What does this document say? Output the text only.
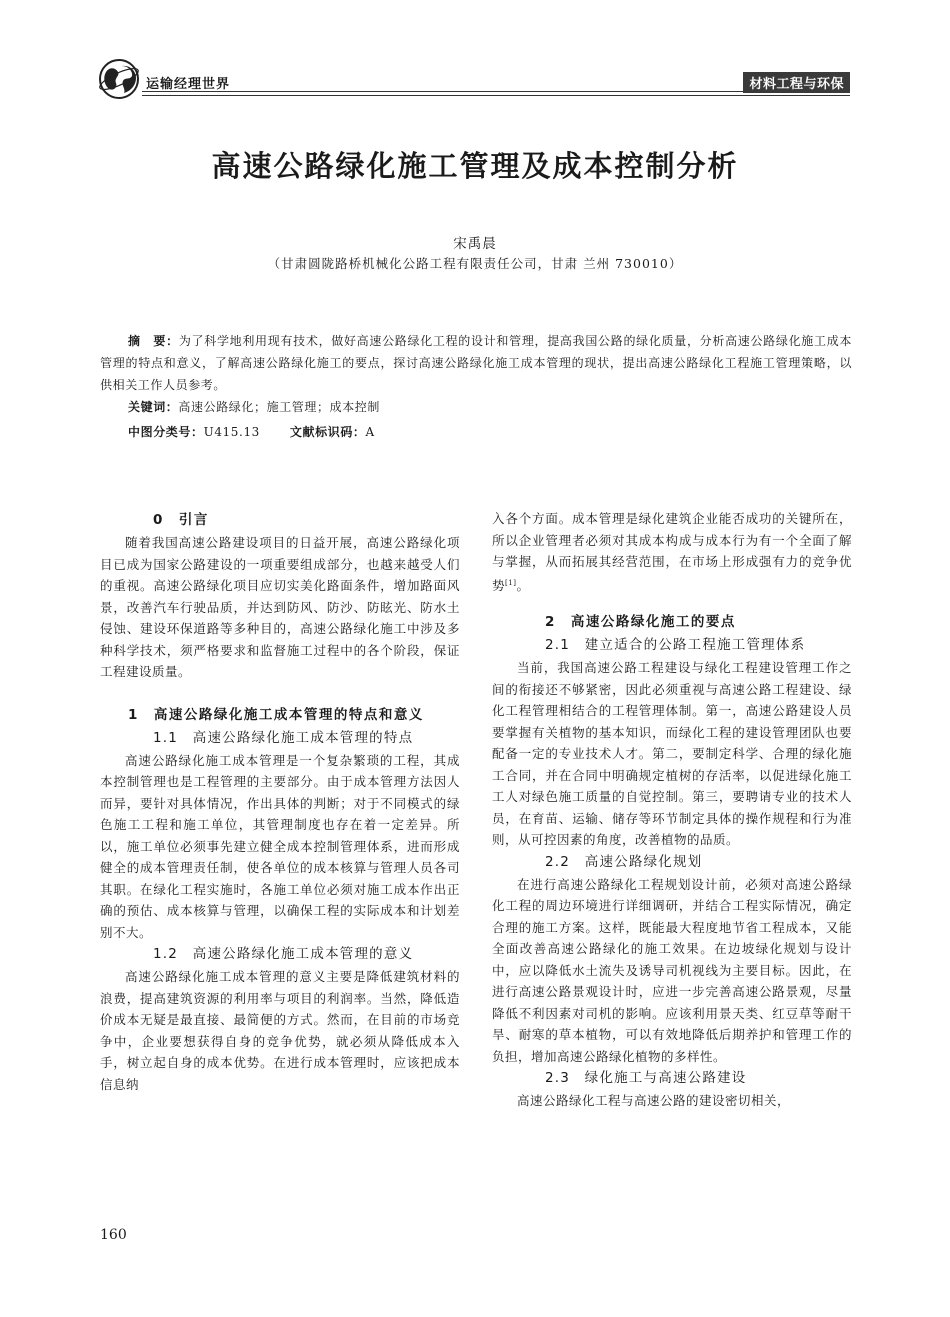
运输经理世界	材料工程与环保
高速公路绿化施工管理及成本控制分析
宋禹晨
（甘肃圆陇路桥机械化公路工程有限责任公司，甘肃 兰州 730010）
摘　要：为了科学地利用现有技术，做好高速公路绿化工程的设计和管理，提高我国公路的绿化质量，分析高速公路绿化施工成本管理的特点和意义，了解高速公路绿化施工的要点，探讨高速公路绿化施工成本管理的现状，提出高速公路绿化工程施工管理策略，以供相关工作人员参考。
关键词：高速公路绿化；施工管理；成本控制
中图分类号：U415.13	文献标识码：A

0　引言

随着我国高速公路建设项目的日益开展，高速公路绿化项目已成为国家公路建设的一项重要组成部分，也越来越受人们的重视。高速公路绿化项目应切实美化路面条件，增加路面风景，改善汽车行驶品质，并达到防风、防沙、防眩光、防水土侵蚀、建设环保道路等多种目的，高速公路绿化施工中涉及多种科学技术，须严格要求和监督施工过程中的各个阶段，保证工程建设质量。

1　高速公路绿化施工成本管理的特点和意义

1.1　高速公路绿化施工成本管理的特点

高速公路绿化施工成本管理是一个复杂繁琐的工程，其成本控制管理也是工程管理的主要部分。由于成本管理方法因人而异，要针对具体情况，作出具体的判断；对于不同模式的绿色施工工程和施工单位，其管理制度也存在着一定差异。所以，施工单位必须事先建立健全成本控制管理体系，进而形成健全的成本管理责任制，使各单位的成本核算与管理人员各司其职。在绿化工程实施时，各施工单位必须对施工成本作出正确的预估、成本核算与管理，以确保工程的实际成本和计划差别不大。

1.2　高速公路绿化施工成本管理的意义

高速公路绿化施工成本管理的意义主要是降低建筑材料的浪费，提高建筑资源的利用率与项目的利润率。当然，降低造价成本无疑是最直接、最简便的方式。然而，在目前的市场竞争中，企业要想获得自身的竞争优势，就必须从降低成本入手，树立起自身的成本优势。在进行成本管理时，应该把成本信息纳

入各个方面。成本管理是绿化建筑企业能否成功的关键所在，所以企业管理者必须对其成本构成与成本行为有一个全面了解与掌握，从而拓展其经营范围，在市场上形成强有力的竞争优势[1]。

2　高速公路绿化施工的要点

2.1　建立适合的公路工程施工管理体系

当前，我国高速公路工程建设与绿化工程建设管理工作之间的衔接还不够紧密，因此必须重视与高速公路工程建设、绿化工程管理相结合的工程管理体制。第一，高速公路建设人员要掌握有关植物的基本知识，而绿化工程的建设管理团队也要配备一定的专业技术人才。第二，要制定科学、合理的绿化施工合同，并在合同中明确规定植树的存活率，以促进绿化施工工人对绿色施工质量的自觉控制。第三，要聘请专业的技术人员，在育苗、运输、储存等环节制定具体的操作规程和行为准则，从可控因素的角度，改善植物的品质。

2.2　高速公路绿化规划

在进行高速公路绿化工程规划设计前，必须对高速公路绿化工程的周边环境进行详细调研，并结合工程实际情况，确定合理的施工方案。这样，既能最大程度地节省工程成本，又能全面改善高速公路绿化的施工效果。在边坡绿化规划与设计中，应以降低水土流失及诱导司机视线为主要目标。因此，在进行高速公路景观设计时，应进一步完善高速公路景观，尽量降低不利因素对司机的影响。应该利用景天类、红豆草等耐干旱、耐寒的草本植物，可以有效地降低后期养护和管理工作的负担，增加高速公路绿化植物的多样性。

2.3　绿化施工与高速公路建设

高速公路绿化工程与高速公路的建设密切相关，

160
